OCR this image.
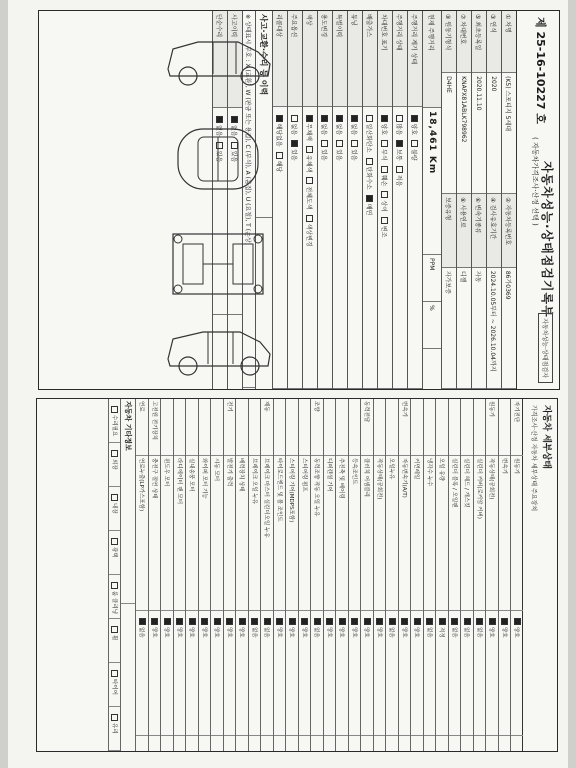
제 25-16-10227 호
자동차성능·상태점검기록부
( 자동차가격조사·산정 선택 )
자동차성능·상태점검자
① 차명
(K5) 스포티지 5세대
② 자동차등록번호
86가0369
③ 연식
2020
④ 검사유효기간
2024.10.05부터 ~ 2026.10.04까지
⑤ 최초등록일
2020.11.10
⑥ 변속기종류
자동
⑦ 차대번호
KNAPX81ABLK798962
⑧ 사용연료
디젤
⑨ 원동기형식
D4HE
보증유형
자가보증
현재 주행거리
18,461 Km
PPM
%
주행거리 계기 상태
양호
불량
주행거리 상태
많음
보통
적음
차대번호 표기
양호
부식
훼손
상이
변조
배출가스
일산화탄소
탄화수소
매연
튜닝
없음
있음
특별이력
없음
있음
용도변경
없음
있음
색상
무채색
유채색
전체도색
색상변경
주요옵션
없음
있음
리콜대상
해당없음
해당
사고·교환·수리 등 이력
※ 상태표시 부호 : X (교환), W (판금 또는 용접), C (부식), A (흠집), U (요철), T (손상)
사고이력
없음
있음
단순수리
없음
있음
자동차 세부상태
가격조사·산정 자동차 세부상태 주요장치
자기진단
원동기
양호
변속기
양호
원동기
작동상태(공회전)
양호
실린더 커버(로커암 커버)
없음
실린더 헤드 / 개스킷
없음
실린더 블록 / 오일팬
없음
오일 유량
적정
냉각수 누수
없음
커먼레일
양호
변속기
자동변속기(A/T)
양호
오일누유
없음
작동상태(공회전)
양호
동력전달
클러치 어셈블리
양호
등속조인트
양호
추진축 및 베어링
양호
디퍼렌셜 기어
양호
조향
동력조향 작동 오일 누유
없음
스티어링 펌프
양호
스티어링 기어(MDPS포함)
양호
타이로드엔드 및 볼 조인트
양호
제동
브레이크 마스터 실린더오일 누유
없음
브레이크 오일 누유
없음
배력장치 상태
양호
전기
발전기 출력
양호
시동 모터
양호
와이퍼 모터 기능
양호
실내송풍 모터
양호
라디에이터 팬 모터
양호
윈도우 모터
양호
고전원 전기장치
충전구 절연 상태
양호
연료
연료누출(LP가스포함)
없음
자동차 기타정보
수리필요
외장
내장
광택
룸 클리닝
휠
타이어
유리
